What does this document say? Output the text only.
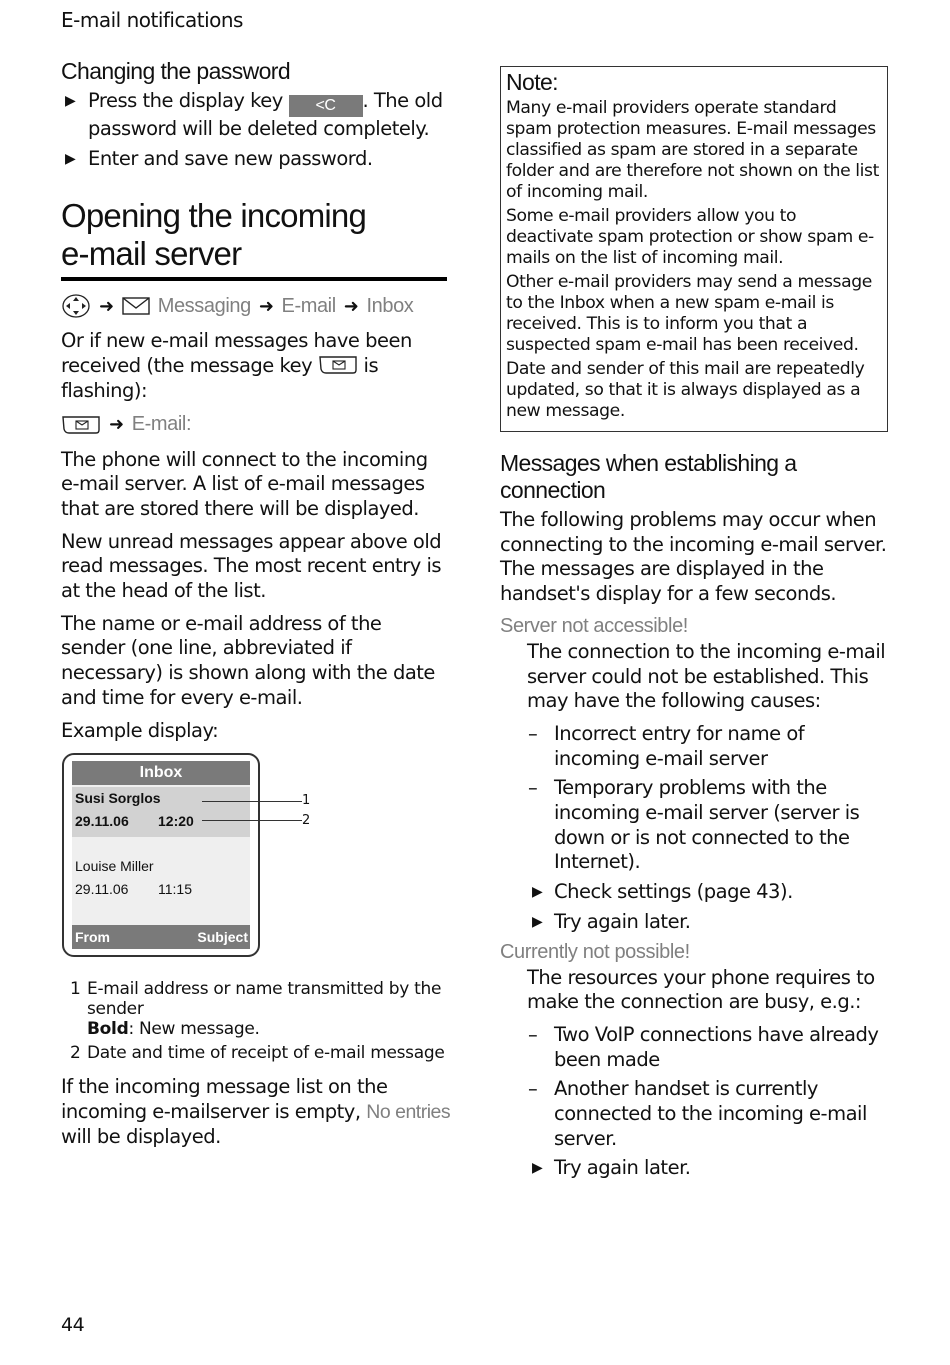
E-mail notifications
Changing the password
▶ Press the display key <C . The old password will be deleted completely.
▶ Enter and save new password.
Opening the incoming
e-mail server
➜ Messaging ➜ E-mail ➜ Inbox

Or if new e-mail messages have been received (the message key	is flashing):

➜ E-mail:

The phone will connect to the incoming e-mail server. A list of e-mail messages that are stored there will be displayed.

New unread messages appear above old read messages. The most recent entry is at the head of the list.

The name or e-mail address of the sender (one line, abbreviated if necessary) is shown along with the date and time for every e-mail.

Example display:

Inbox
Susi Sorglos
29.11.06 12:20
Louise Miller
29.11.06 11:15
From	Subject
1
2
1 E-mail address or name transmitted by the sender
Bold: New message.
2 Date and time of receipt of e-mail message

If the incoming message list on the incoming e-mailserver is empty, No entries will be displayed.

Note:

Many e-mail providers operate standard spam protection measures. E-mail messages classified as spam are stored in a separate folder and are therefore not shown on the list of incoming mail.

Some e-mail providers allow you to deactivate spam protection or show spam e-mails on the list of incoming mail.

Other e-mail providers may send a message to the Inbox when a new spam e-mail is received. This is to inform you that a suspected spam e-mail has been received.

Date and sender of this mail are repeatedly updated, so that it is always displayed as a new message.

Messages when establishing a connection

The following problems may occur when connecting to the incoming e-mail server. The messages are displayed in the handset's display for a few seconds.

Server not accessible!

The connection to the incoming e-mail server could not be established. This may have the following causes:

– Incorrect entry for name of incoming e-mail server
– Temporary problems with the incoming e-mail server (server is down or is not connected to the Internet).
▶ Check settings (page 43).
▶ Try again later.
Currently not possible!

The resources your phone requires to make the connection are busy, e.g.:

– Two VoIP connections have already been made
– Another handset is currently connected to the incoming e-mail server.
▶ Try again later.
44
